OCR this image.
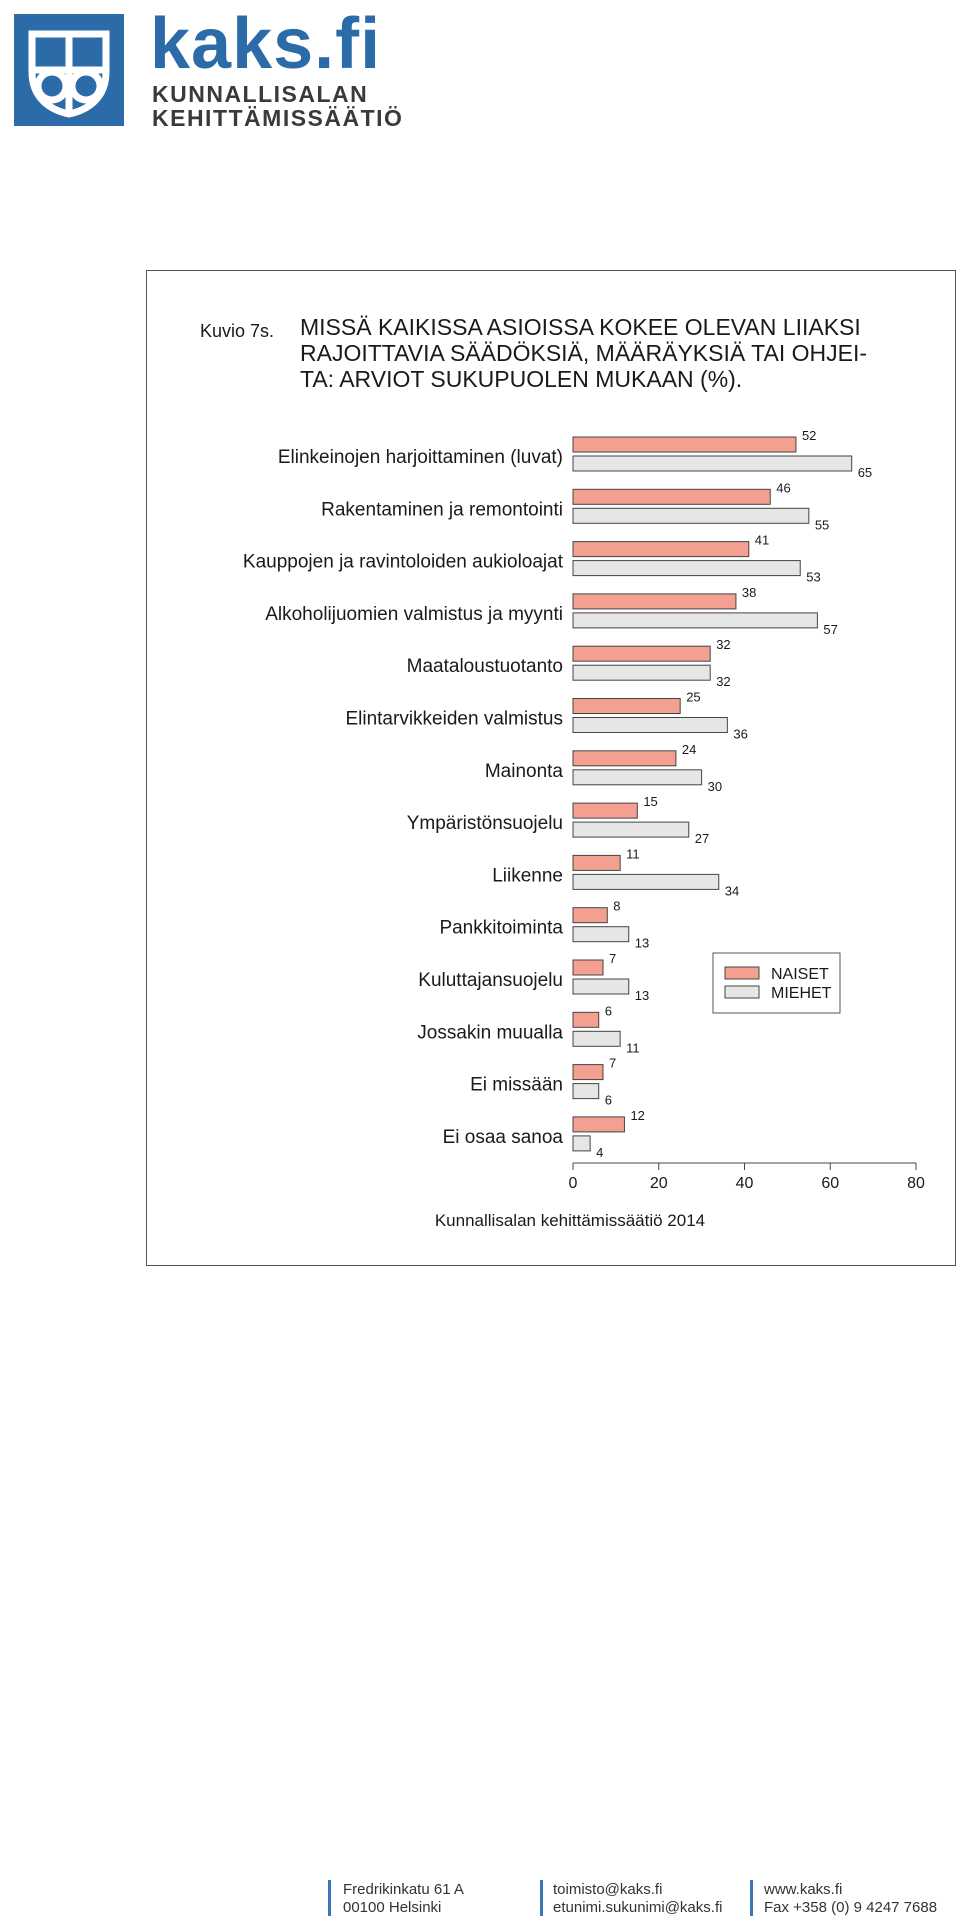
kaks.fi
KUNNALLISALAN
KEHITTÄMISSÄÄTIÖ
Kuvio 7s. MISSÄ KAIKISSA ASIOISSA KOKEE OLEVAN LIIAKSI
RAJOITTAVIA SÄÄDÖKSIÄ, MÄÄRÄYKSIÄ TAI OHJEI-
TA: ARVIOT SUKUPUOLEN MUKAAN (%).
Elinkeinojen harjoittaminen (luvat)
52
65
Rakentaminen ja remontointi
46
55
Kauppojen ja ravintoloiden aukioloajat
41
53
Alkoholijuomien valmistus ja myynti
38
57
Maataloustuotanto
32
32
Elintarvikkeiden valmistus
25
36
Mainonta
24
30
Ympäristönsuojelu
15
27
Liikenne
11
34
Pankkitoiminta
8
13
Kuluttajansuojelu
7
13
Jossakin muualla
6
11
Ei missään
7
6
Ei osaa sanoa
12
4
0	20	40	60	80
NAISET
MIEHET
Kunnallisalan kehittämissäätiö 2014
Fredrikinkatu 61 A
00100 Helsinki
toimisto@kaks.fi
etunimi.sukunimi@kaks.fi
www.kaks.fi
Fax +358 (0) 9 4247 7688
